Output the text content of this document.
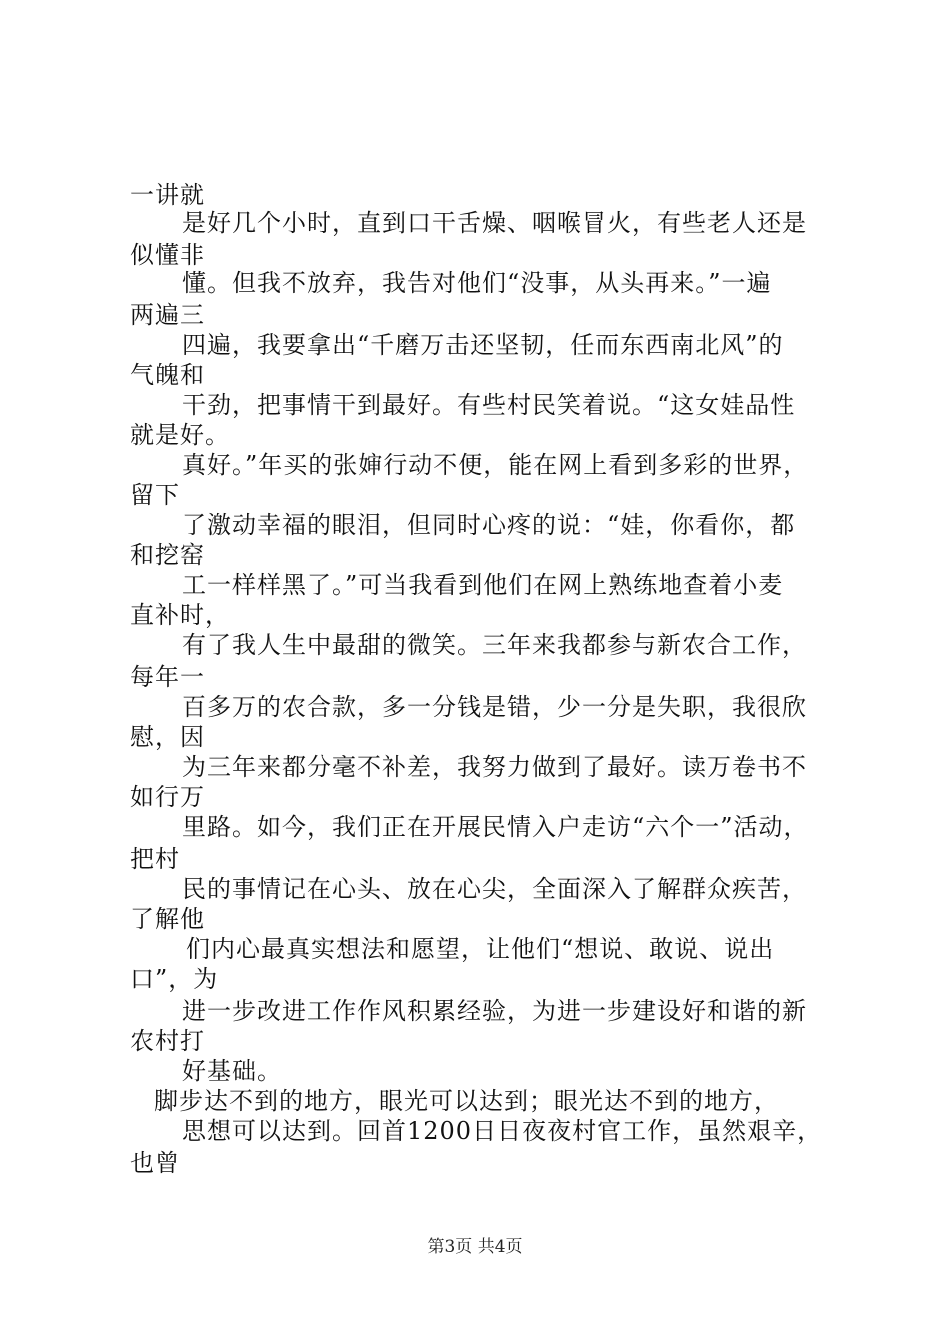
一讲就
是好几个小时，直到口干舌燥、咽喉冒火，有些老人还是
似懂非
懂。但我不放弃，我告对他们“没事，从头再来。”一遍
两遍三
四遍，我要拿出“千磨万击还坚韧，任而东西南北风”的
气魄和
干劲，把事情干到最好。有些村民笑着说。“这女娃品性
就是好。
真好。”年买的张婶行动不便，能在网上看到多彩的世界，
留下
了激动幸福的眼泪，但同时心疼的说：“娃，你看你，都
和挖窑
工一样样黑了。”可当我看到他们在网上熟练地查着小麦
直补时，
有了我人生中最甜的微笑。三年来我都参与新农合工作，
每年一
百多万的农合款，多一分钱是错，少一分是失职，我很欣
慰，因
为三年来都分毫不补差，我努力做到了最好。读万卷书不
如行万
里路。如今，我们正在开展民情入户走访“六个一”活动，
把村
民的事情记在心头、放在心尖，全面深入了解群众疾苦，
了解他
们内心最真实想法和愿望，让他们“想说、敢说、说出
口”，为
进一步改进工作作风积累经验，为进一步建设好和谐的新
农村打
好基础。
脚步达不到的地方，眼光可以达到；眼光达不到的地方，
思想可以达到。回首1200日日夜夜村官工作，虽然艰辛，
也曾
第3页 共4页
